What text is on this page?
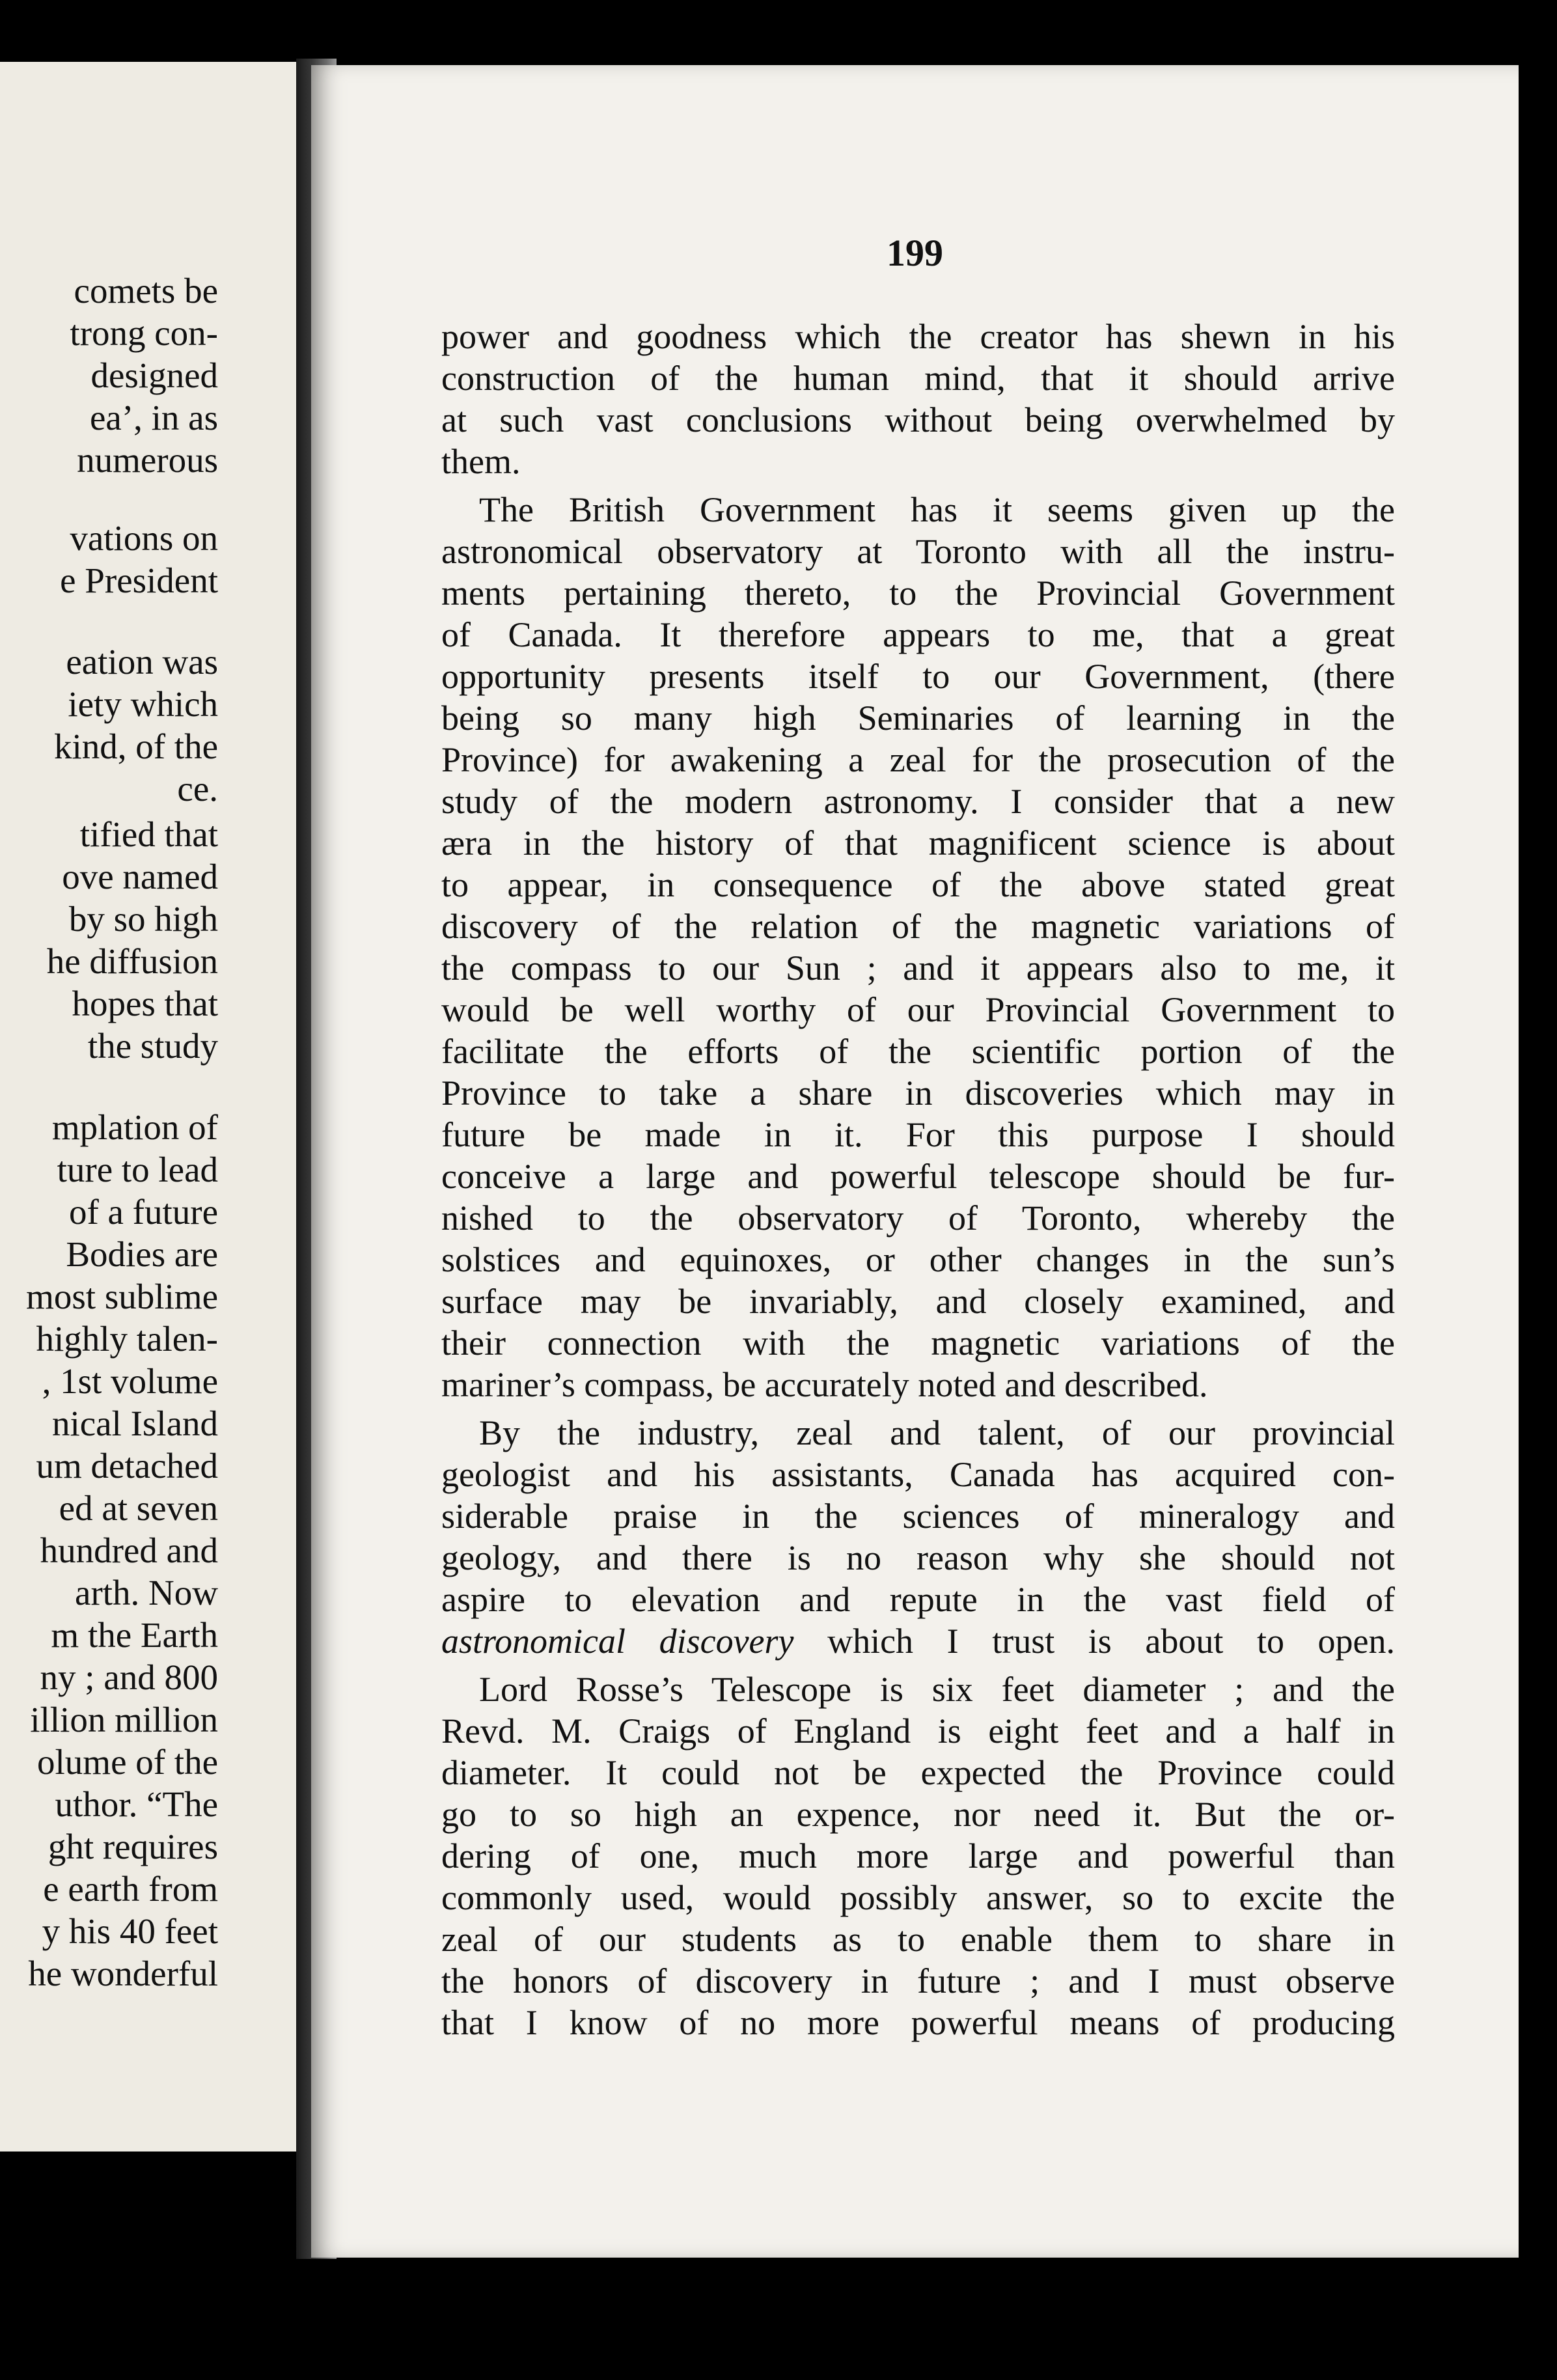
comets be
trong con-
designed
ea’, in as
numerous
vations on
e President
eation was
iety which
kind, of the
ce.
tified that
ove named
by so high
he diffusion
hopes that
the study
mplation of
ture to lead
of a future
Bodies are
most sublime
highly talen-
, 1st volume
nical Island
um detached
ed at seven
hundred and
arth. Now
m the Earth
ny ; and 800
illion million
olume of the
uthor. “The
ght requires
e earth from
y his 40 feet
he wonderful
199
power and goodness which the creator has shewn in his
construction of the human mind, that it should arrive
at such vast conclusions without being overwhelmed by
them.
The British Government has it seems given up the
astronomical observatory at Toronto with all the instru-
ments pertaining thereto, to the Provincial Government
of Canada. It therefore appears to me, that a great
opportunity presents itself to our Government, (there
being so many high Seminaries of learning in the
Province) for awakening a zeal for the prosecution of the
study of the modern astronomy. I consider that a new
æra in the history of that magnificent science is about
to appear, in consequence of the above stated great
discovery of the relation of the magnetic variations of
the compass to our Sun ; and it appears also to me, it
would be well worthy of our Provincial Government to
facilitate the efforts of the scientific portion of the
Province to take a share in discoveries which may in
future be made in it. For this purpose I should
conceive a large and powerful telescope should be fur-
nished to the observatory of Toronto, whereby the
solstices and equinoxes, or other changes in the sun’s
surface may be invariably, and closely examined, and
their connection with the magnetic variations of the
mariner’s compass, be accurately noted and described.
By the industry, zeal and talent, of our provincial
geologist and his assistants, Canada has acquired con-
siderable praise in the sciences of mineralogy and
geology, and there is no reason why she should not
aspire to elevation and repute in the vast field of
astronomical discovery which I trust is about to open.
Lord Rosse’s Telescope is six feet diameter ; and the
Revd. M. Craigs of England is eight feet and a half in
diameter. It could not be expected the Province could
go to so high an expence, nor need it. But the or-
dering of one, much more large and powerful than
commonly used, would possibly answer, so to excite the
zeal of our students as to enable them to share in
the honors of discovery in future ; and I must observe
that I know of no more powerful means of producing
